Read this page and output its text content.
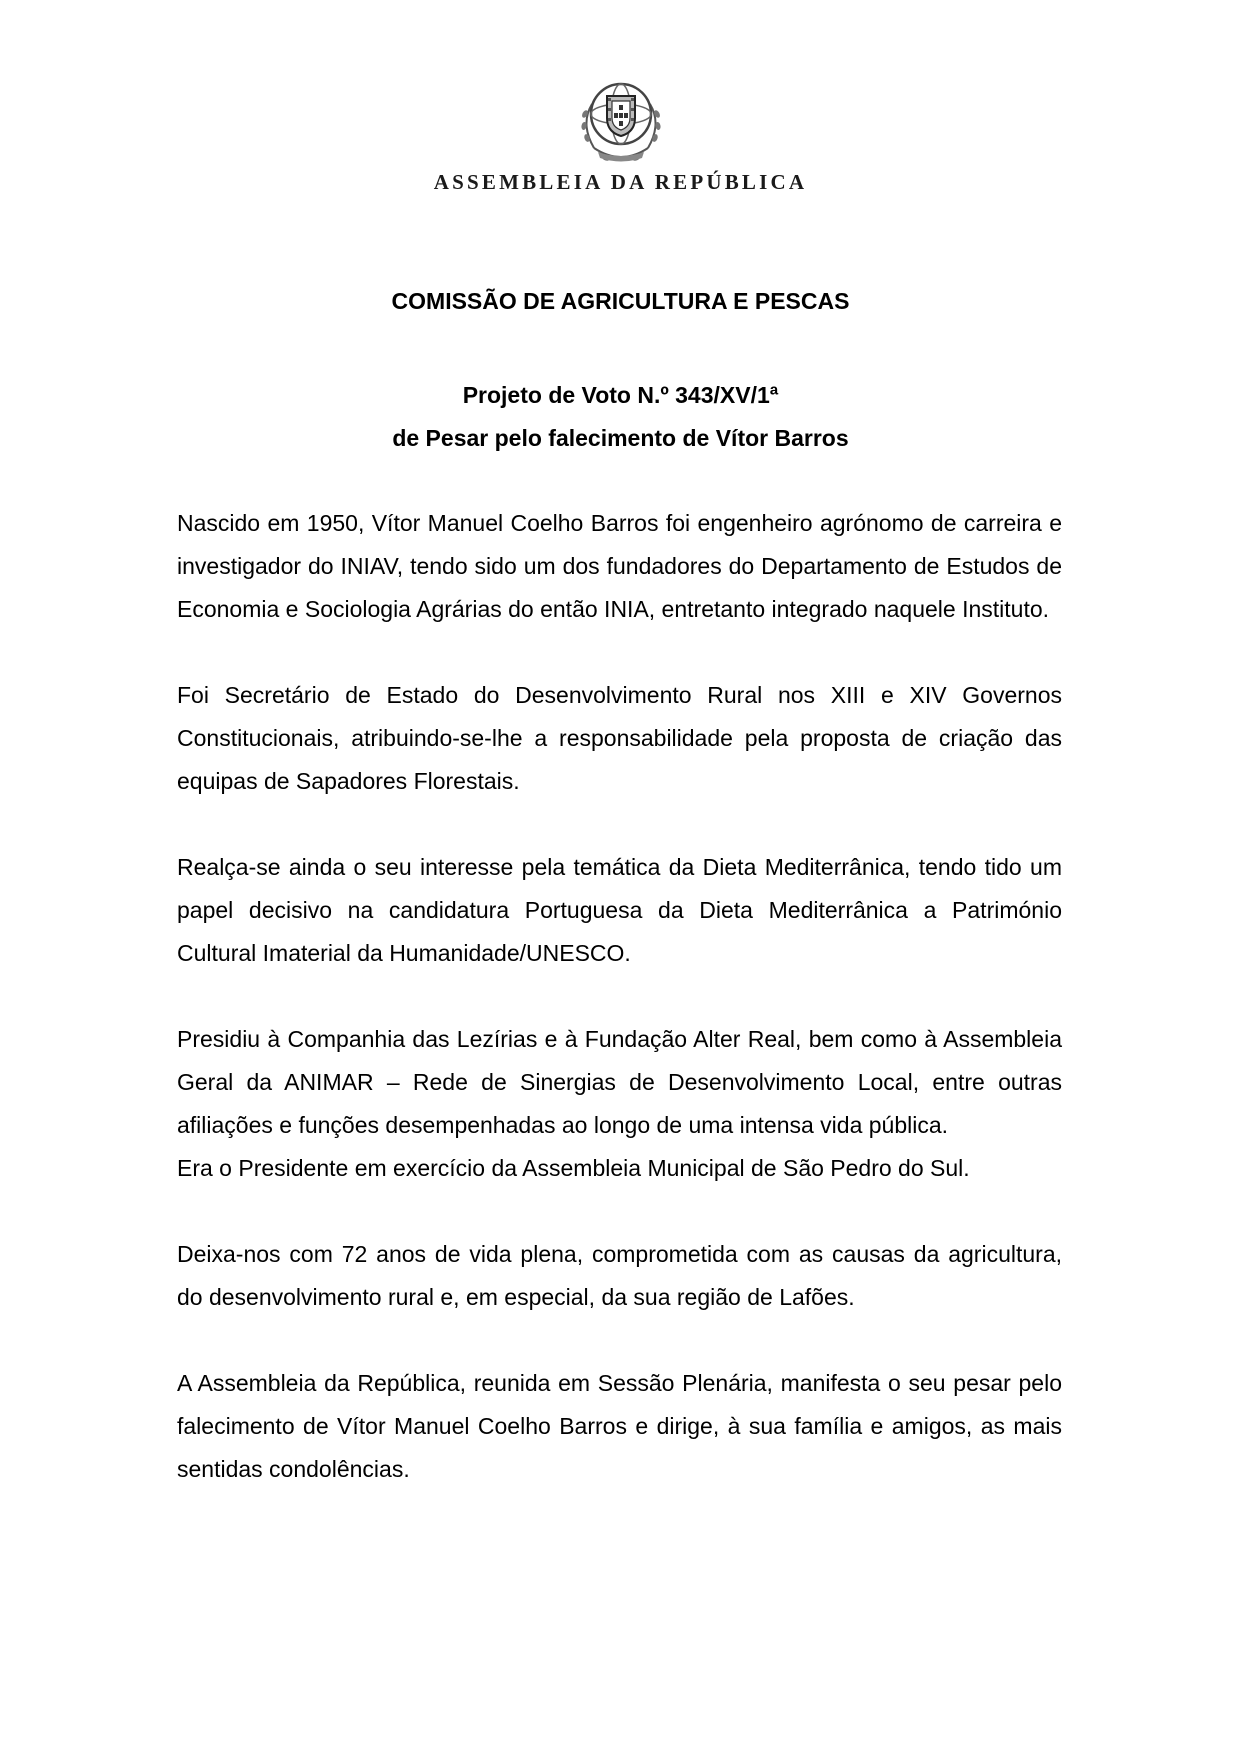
ASSEMBLEIA DA REPÚBLICA
COMISSÃO DE AGRICULTURA E PESCAS
Projeto de Voto N.º 343/XV/1ª
de Pesar pelo falecimento de Vítor Barros

Nascido em 1950, Vítor Manuel Coelho Barros foi engenheiro agrónomo de carreira e investigador do INIAV, tendo sido um dos fundadores do Departamento de Estudos de Economia e Sociologia Agrárias do então INIA, entretanto integrado naquele Instituto.

Foi Secretário de Estado do Desenvolvimento Rural nos XIII e XIV Governos Constitucionais, atribuindo-se-lhe a responsabilidade pela proposta de criação das equipas de Sapadores Florestais.

Realça-se ainda o seu interesse pela temática da Dieta Mediterrânica, tendo tido um papel decisivo na candidatura Portuguesa da Dieta Mediterrânica a Património Cultural Imaterial da Humanidade/UNESCO.

Presidiu à Companhia das Lezírias e à Fundação Alter Real, bem como à Assembleia Geral da ANIMAR – Rede de Sinergias de Desenvolvimento Local, entre outras afiliações e funções desempenhadas ao longo de uma intensa vida pública.

Era o Presidente em exercício da Assembleia Municipal de São Pedro do Sul.

Deixa-nos com 72 anos de vida plena, comprometida com as causas da agricultura, do desenvolvimento rural e, em especial, da sua região de Lafões.

A Assembleia da República, reunida em Sessão Plenária, manifesta o seu pesar pelo falecimento de Vítor Manuel Coelho Barros e dirige, à sua família e amigos, as mais sentidas condolências.
